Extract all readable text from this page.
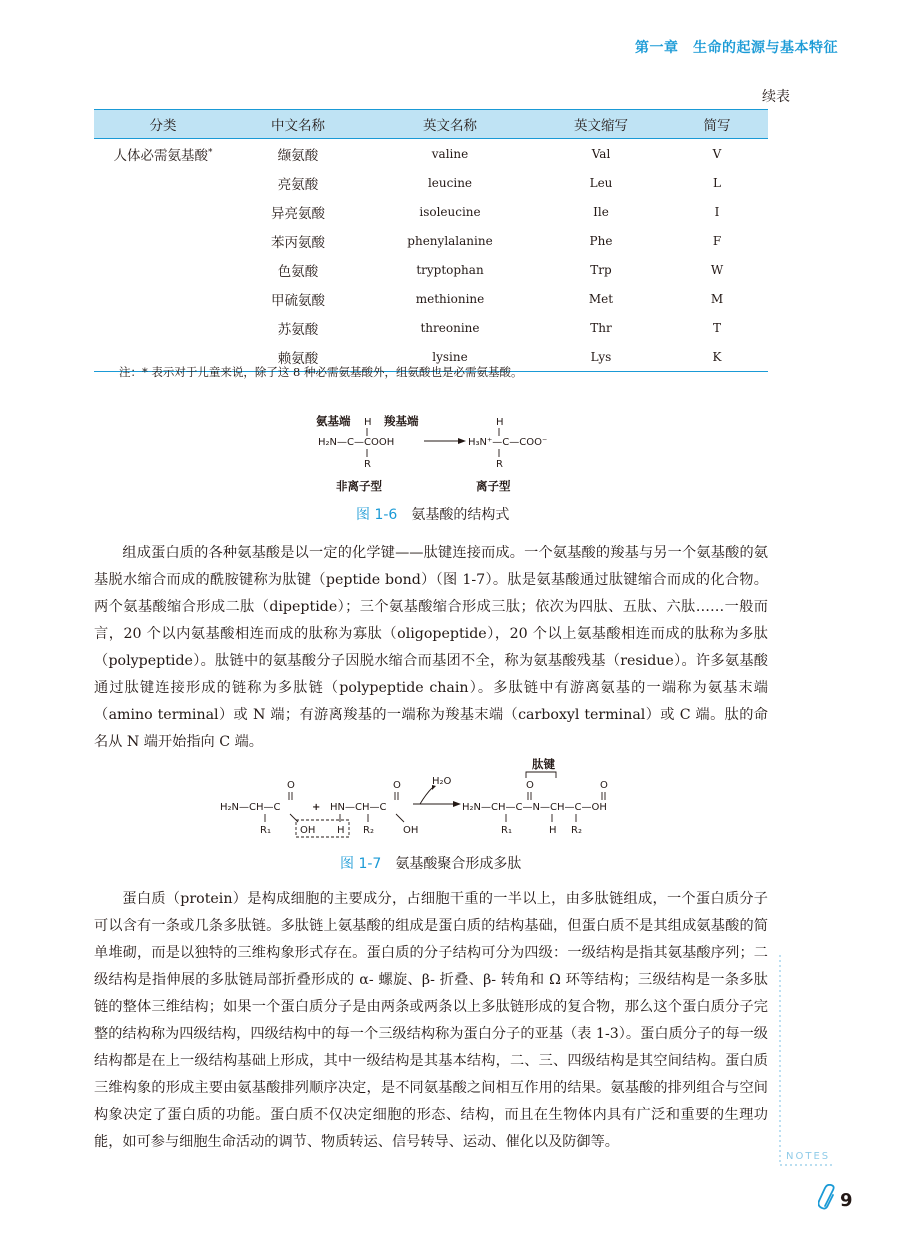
第一章　生命的起源与基本特征
续表
分类	中文名称	英文名称	英文缩写	简写
人体必需氨基酸*	缬氨酸	valine	Val	V
	亮氨酸	leucine	Leu	L
	异亮氨酸	isoleucine	Ile	I
	苯丙氨酸	phenylalanine	Phe	F
	色氨酸	tryptophan	Trp	W
	甲硫氨酸	methionine	Met	M
	苏氨酸	threonine	Thr	T
	赖氨酸	lysine	Lys	K
注：* 表示对于儿童来说，除了这 8 种必需氨基酸外，组氨酸也是必需氨基酸。
氨基端 H 羧基端
H₂N—C—COOH
R
H
H₃N⁺—C—COO⁻
R
非离子型	离子型
图 1-6 氨基酸的结构式

组成蛋白质的各种氨基酸是以一定的化学键——肽键连接而成。一个氨基酸的羧基与另一个氨基酸的氨基脱水缩合而成的酰胺键称为肽键（peptide bond）（图 1-7）。肽是氨基酸通过肽键缩合而成的化合物。两个氨基酸缩合形成二肽（dipeptide）；三个氨基酸缩合形成三肽；依次为四肽、五肽、六肽……一般而言，20 个以内氨基酸相连而成的肽称为寡肽（oligopeptide），20 个以上氨基酸相连而成的肽称为多肽（polypeptide）。肽链中的氨基酸分子因脱水缩合而基团不全，称为氨基酸残基（residue）。许多氨基酸通过肽键连接形成的链称为多肽链（polypeptide chain）。多肽链中有游离氨基的一端称为氨基末端（amino terminal）或 N 端；有游离羧基的一端称为羧基末端（carboxyl terminal）或 C 端。肽的命名从 N 端开始指向 C 端。

H₂N—CH—C
O
R₁	OH
+ HN—CH—C
O
H R₂	OH
H₂O
H₂N—CH—C—N—CH—C—OH
R₁
O
H R₂
O
肽键
图 1-7 氨基酸聚合形成多肽

蛋白质（protein）是构成细胞的主要成分，占细胞干重的一半以上，由多肽链组成，一个蛋白质分子可以含有一条或几条多肽链。多肽链上氨基酸的组成是蛋白质的结构基础，但蛋白质不是其组成氨基酸的简单堆砌，而是以独特的三维构象形式存在。蛋白质的分子结构可分为四级：一级结构是指其氨基酸序列；二级结构是指伸展的多肽链局部折叠形成的 α- 螺旋、β- 折叠、β- 转角和 Ω 环等结构；三级结构是一条多肽链的整体三维结构；如果一个蛋白质分子是由两条或两条以上多肽链形成的复合物，那么这个蛋白质分子完整的结构称为四级结构，四级结构中的每一个三级结构称为蛋白分子的亚基（表 1-3）。蛋白质分子的每一级结构都是在上一级结构基础上形成，其中一级结构是其基本结构，二、三、四级结构是其空间结构。蛋白质三维构象的形成主要由氨基酸排列顺序决定，是不同氨基酸之间相互作用的结果。氨基酸的排列组合与空间构象决定了蛋白质的功能。蛋白质不仅决定细胞的形态、结构，而且在生物体内具有广泛和重要的生理功能，如可参与细胞生命活动的调节、物质转运、信号转导、运动、催化以及防御等。

NOTES
9
